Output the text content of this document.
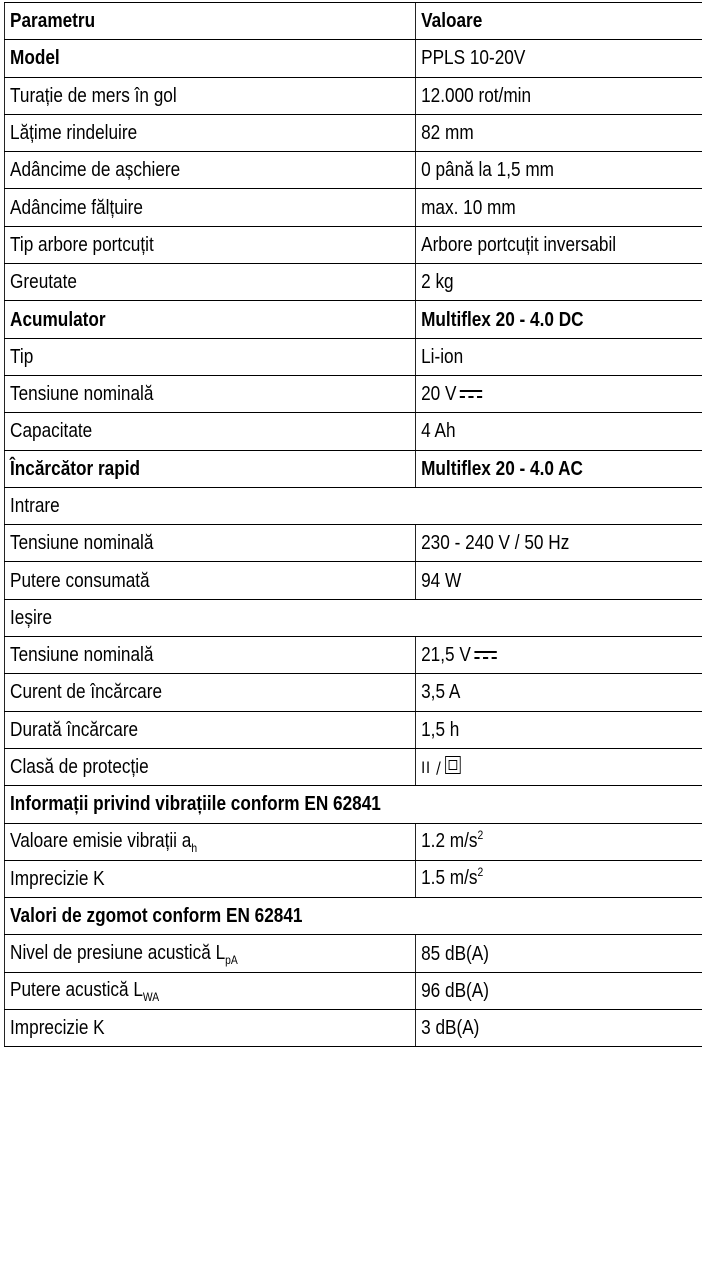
Parametru	Valoare
Model	PPLS 10-20V
Turație de mers în gol	12.000 rot/min
Lățime rindeluire	82 mm
Adâncime de așchiere	0 până la 1,5 mm
Adâncime fălțuire	max. 10 mm
Tip arbore portcuțit	Arbore portcuțit inversabil
Greutate	2 kg
Acumulator	Multiflex 20 - 4.0 DC
Tip	Li-ion
Tensiune nominală	20 V
Capacitate	4 Ah
Încărcător rapid	Multiflex 20 - 4.0 AC
Intrare	
Tensiune nominală	230 - 240 V / 50 Hz
Putere consumată	94 W
Ieșire	
Tensiune nominală	21,5 V
Curent de încărcare	3,5 A
Durată încărcare	1,5 h
Clasă de protecție	II /
Informații privind vibrațiile conform EN 62841	
Valoare emisie vibrații $a_h$	1.2 $m/s^2$
Imprecizie K	1.5 $m/s^2$
Valori de zgomot conform EN 62841	
Nivel de presiune acustică $L_{pA}$	85 dB(A)
Putere acustică $L_{WA}$	96 dB(A)
Imprecizie K	3 dB(A)
